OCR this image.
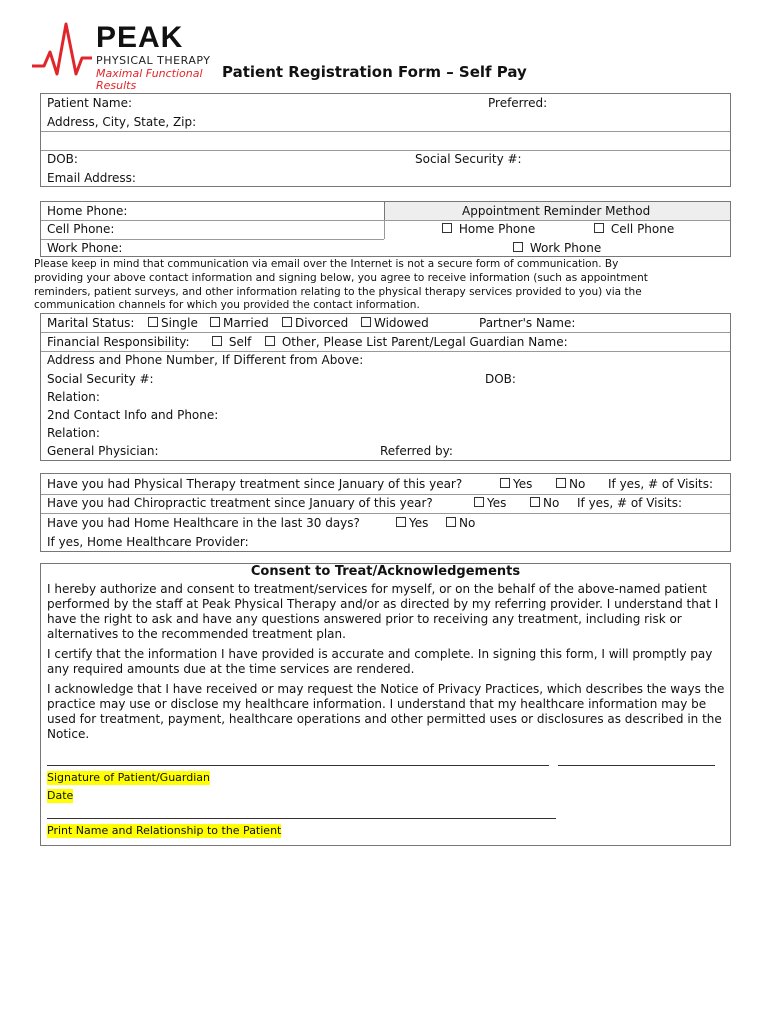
PEAK
PHYSICAL THERAPY
Maximal Functional Results
Patient Registration Form – Self Pay
Patient Name:	Preferred:
Address, City, State, Zip:
DOB:	Social Security #:
Email Address:
Home Phone:
Cell Phone:
Work Phone:
Appointment Reminder Method
Home Phone	Cell Phone
Work Phone
Please keep in mind that communication via email over the Internet is not a secure form of communication. By
providing your above contact information and signing below, you agree to receive information (such as appointment
reminders, patient surveys, and other information relating to the physical therapy services provided to you) via the
communication channels for which you provided the contact information.
Marital Status:	Single	Married	Divorced	Widowed	Partner's Name:
Financial Responsibility:	Self	Other, Please List Parent/Legal Guardian Name:
Address and Phone Number, If Different from Above:
Social Security #:	DOB:
Relation:
2nd Contact Info and Phone:
Relation:
General Physician:	Referred by:
Have you had Physical Therapy treatment since January of this year?	Yes	No If yes, # of Visits:
Have you had Chiropractic treatment since January of this year?	Yes	No If yes, # of Visits:
Have you had Home Healthcare in the last 30 days?	Yes	No
If yes, Home Healthcare Provider:
Consent to Treat/Acknowledgements
I hereby authorize and consent to treatment/services for myself, or on the behalf of the above-named patient performed by the staff at Peak Physical Therapy and/or as directed by my referring provider. I understand that I have the right to ask and have any questions answered prior to receiving any treatment, including risk or alternatives to the recommended treatment plan.
I certify that the information I have provided is accurate and complete. In signing this form, I will promptly pay any required amounts due at the time services are rendered.
I acknowledge that I have received or may request the Notice of Privacy Practices, which describes the ways the practice may use or disclose my healthcare information. I understand that my healthcare information may be used for treatment, payment, healthcare operations and other permitted uses or disclosures as described in the Notice.
Signature of Patient/Guardian
Date
Print Name and Relationship to the Patient
